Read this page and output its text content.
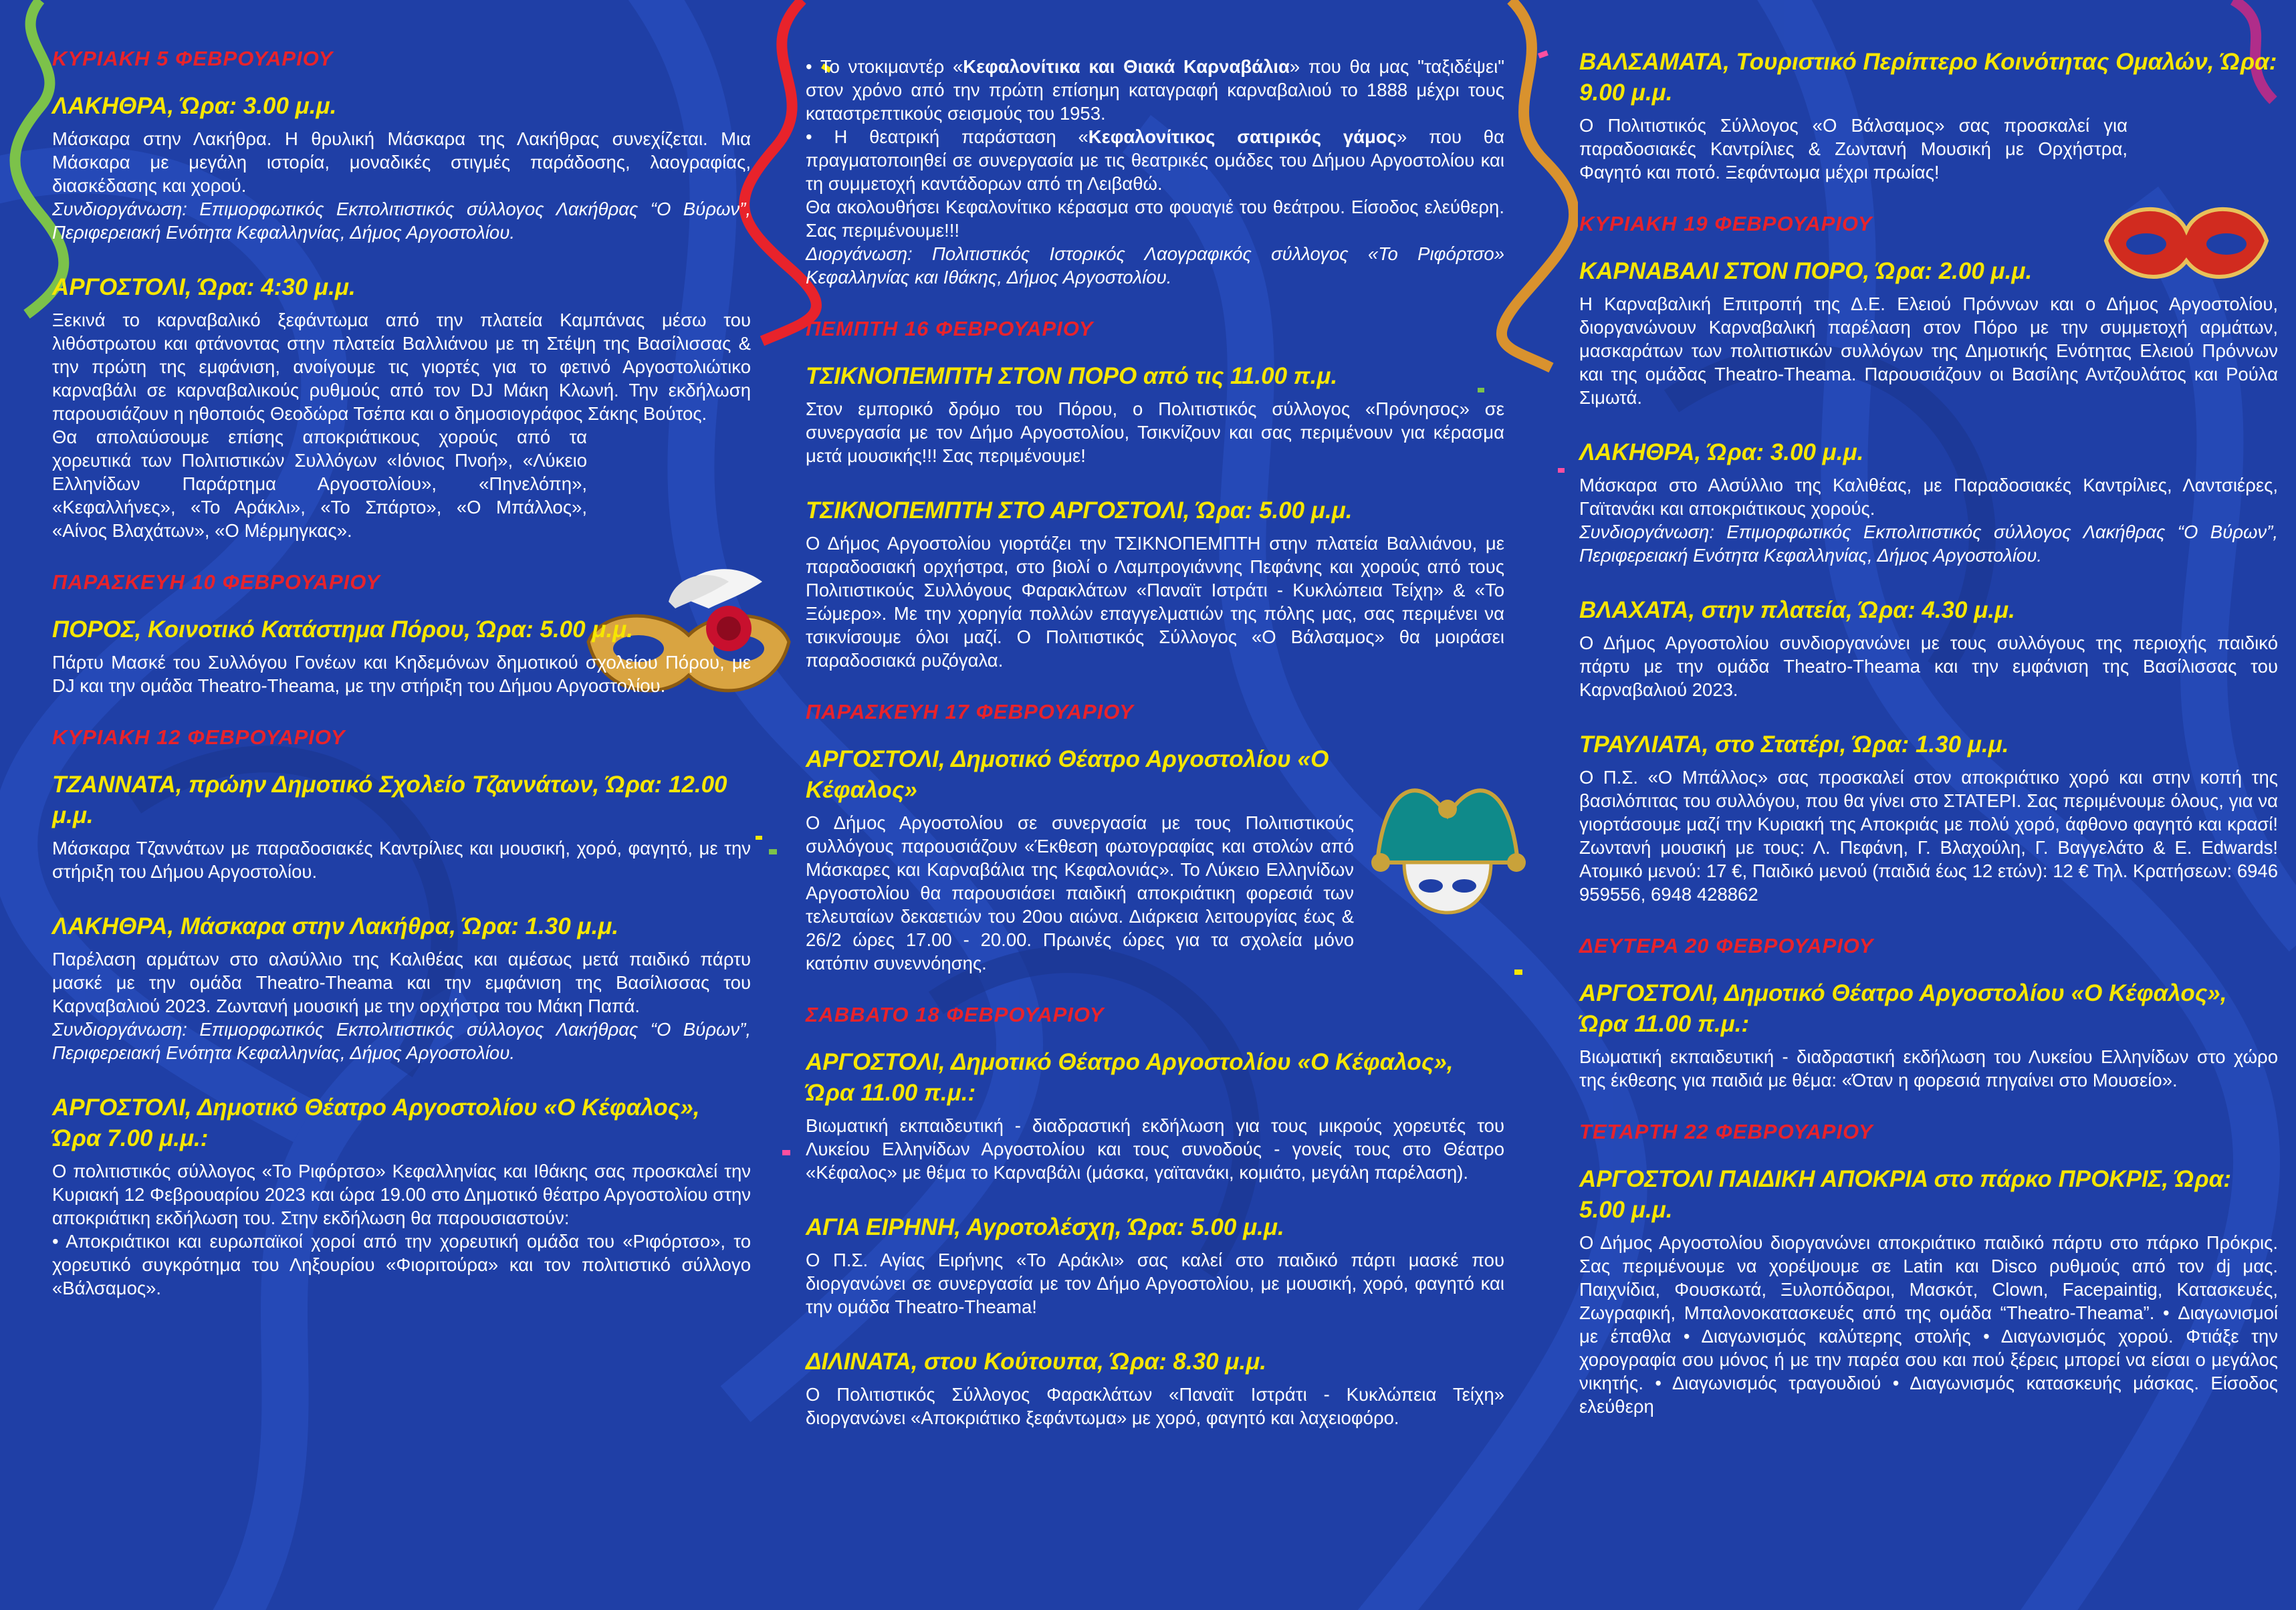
ΚΥΡΙΑΚΗ 5 ΦΕΒΡΟΥΑΡΙΟΥ
ΛΑΚΗΘΡΑ, Ώρα: 3.00 μ.μ.

Μάσκαρα στην Λακήθρα. Η θρυλική Μάσκαρα της Λακήθρας συνεχίζεται. Μια Μάσκαρα με μεγάλη ιστορία, μοναδικές στιγμές παράδοσης, λαογραφίας, διασκέδασης και χορού.

Συνδιοργάνωση: Επιμορφωτικός Εκπολιτιστικός σύλλογος Λακήθρας “Ο Βύρων”, Περιφερειακή Ενότητα Κεφαλληνίας, Δήμος Αργοστολίου.

ΑΡΓΟΣΤΟΛΙ, Ώρα: 4:30 μ.μ.

Ξεκινά το καρναβαλικό ξεφάντωμα από την πλατεία Καμπάνας μέσω του λιθόστρωτου και φτάνοντας στην πλατεία Βαλλιάνου με τη Στέψη της Βασίλισσας & την πρώτη της εμφάνιση, ανοίγουμε τις γιορτές για το φετινό Αργοστολιώτικο καρναβάλι σε καρναβαλικούς ρυθμούς από τον DJ Μάκη Κλωνή. Την εκδήλωση παρουσιάζουν η ηθοποιός Θεοδώρα Τσέπα και ο δημοσιογράφος Σάκης Βούτος.

Θα απολαύσουμε επίσης αποκριάτικους χορούς από τα χορευτικά των Πολιτιστικών Συλλόγων «Ιόνιος Πνοή», «Λύκειο Ελληνίδων Παράρτημα Αργοστολίου», «Πηνελόπη», «Κεφαλλήνες», «Το Αράκλι», «Το Σπάρτο», «Ο Μπάλλος», «Αίνος Βλαχάτων», «Ο Μέρμηγκας».

ΠΑΡΑΣΚΕΥΗ 10 ΦΕΒΡΟΥΑΡΙΟΥ
ΠΟΡΟΣ, Κοινοτικό Κατάστημα Πόρου, Ώρα: 5.00 μ.μ.

Πάρτυ Μασκέ του Συλλόγου Γονέων και Κηδεμόνων δημοτικού σχολείου Πόρου, με DJ και την ομάδα Theatro-Theama, με την στήριξη του Δήμου Αργοστολίου.

ΚΥΡΙΑΚΗ 12 ΦΕΒΡΟΥΑΡΙΟΥ
ΤΖΑΝΝΑΤΑ, πρώην Δημοτικό Σχολείο Τζαννάτων, Ώρα: 12.00 μ.μ.

Μάσκαρα Τζαννάτων με παραδοσιακές Καντρίλιες και μουσική, χορό, φαγητό, με την στήριξη του Δήμου Αργοστολίου.

ΛΑΚΗΘΡΑ, Μάσκαρα στην Λακήθρα, Ώρα: 1.30 μ.μ.

Παρέλαση αρμάτων στο αλσύλλιο της Καλιθέας και αμέσως μετά παιδικό πάρτυ μασκέ με την ομάδα Theatro-Theama και την εμφάνιση της Βασίλισσας του Καρναβαλιού 2023. Ζωντανή μουσική με την ορχήστρα του Μάκη Παπά.

Συνδιοργάνωση: Επιμορφωτικός Εκπολιτιστικός σύλλογος Λακήθρας “Ο Βύρων”, Περιφερειακή Ενότητα Κεφαλληνίας, Δήμος Αργοστολίου.

ΑΡΓΟΣΤΟΛΙ, Δημοτικό Θέατρο Αργοστολίου «Ο Κέφαλος», Ώρα 7.00 μ.μ.:

Ο πολιτιστικός σύλλογος «Το Ριφόρτσο» Κεφαλληνίας και Ιθάκης σας προσκαλεί την Κυριακή 12 Φεβρουαρίου 2023 και ώρα 19.00 στο Δημοτικό θέατρο Αργοστολίου στην αποκριάτικη εκδήλωση του. Στην εκδήλωση θα παρουσιαστούν:

• Αποκριάτικοι και ευρωπαϊκοί χοροί από την χορευτική ομάδα του «Ριφόρτσο», το χορευτικό συγκρότημα του Ληξουρίου «Φιοριτούρα» και τον πολιτιστικό σύλλογο «Βάλσαμος».

• Το ντοκιμαντέρ «Κεφαλονίτικα και Θιακά Καρναβάλια» που θα μας "ταξιδέψει" στον χρόνο από την πρώτη επίσημη καταγραφή καρναβαλιού το 1888 μέχρι τους καταστρεπτικούς σεισμούς του 1953.

• Η θεατρική παράσταση «Κεφαλονίτικος σατιρικός γάμος» που θα πραγματοποιηθεί σε συνεργασία με τις θεατρικές ομάδες του Δήμου Αργοστολίου και τη συμμετοχή καντάδορων από τη Λειβαθώ.

Θα ακολουθήσει Κεφαλονίτικο κέρασμα στο φουαγιέ του θεάτρου. Είσοδος ελεύθερη. Σας περιμένουμε!!!

Διοργάνωση: Πολιτιστικός Ιστορικός Λαογραφικός σύλλογος «Το Ριφόρτσο» Κεφαλληνίας και Ιθάκης, Δήμος Αργοστολίου.

ΠΕΜΠΤΗ 16 ΦΕΒΡΟΥΑΡΙΟΥ
ΤΣΙΚΝΟΠΕΜΠΤΗ ΣΤΟΝ ΠΟΡΟ από τις 11.00 π.μ.

Στον εμπορικό δρόμο του Πόρου, ο Πολιτιστικός σύλλογος «Πρόνησος» σε συνεργασία με τον Δήμο Αργοστολίου, Τσικνίζουν και σας περιμένουν για κέρασμα μετά μουσικής!!! Σας περιμένουμε!

ΤΣΙΚΝΟΠΕΜΠΤΗ ΣΤΟ ΑΡΓΟΣΤΟΛΙ, Ώρα: 5.00 μ.μ.

Ο Δήμος Αργοστολίου γιορτάζει την ΤΣΙΚΝΟΠΕΜΠΤΗ στην πλατεία Βαλλιάνου, με παραδοσιακή ορχήστρα, στο βιολί ο Λαμπρογιάννης Πεφάνης και χορούς από τους Πολιτιστικούς Συλλόγους Φαρακλάτων «Παναϊτ Ιστράτι - Κυκλώπεια Τείχη» & «Το Ξώμερο». Με την χορηγία πολλών επαγγελματιών της πόλης μας, σας περιμένει να τσικνίσουμε όλοι μαζί. Ο Πολιτιστικός Σύλλογος «Ο Βάλσαμος» θα μοιράσει παραδοσιακά ρυζόγαλα.

ΠΑΡΑΣΚΕΥΗ 17 ΦΕΒΡΟΥΑΡΙΟΥ
ΑΡΓΟΣΤΟΛΙ, Δημοτικό Θέατρο Αργοστολίου «Ο Κέφαλος»

Ο Δήμος Αργοστολίου σε συνεργασία με τους Πολιτιστικούς συλλόγους παρουσιάζουν «Έκθεση φωτογραφίας και στολών από Μάσκαρες και Καρναβάλια της Κεφαλονιάς». Το Λύκειο Ελληνίδων Αργοστολίου θα παρουσιάσει παιδική αποκριάτικη φορεσιά των τελευταίων δεκαετιών του 20ου αιώνα. Διάρκεια λειτουργίας έως & 26/2 ώρες 17.00 - 20.00. Πρωινές ώρες για τα σχολεία μόνο κατόπιν συνεννόησης.

ΣΑΒΒΑΤΟ 18 ΦΕΒΡΟΥΑΡΙΟΥ
ΑΡΓΟΣΤΟΛΙ, Δημοτικό Θέατρο Αργοστολίου «Ο Κέφαλος», Ώρα 11.00 π.μ.:

Βιωματική εκπαιδευτική - διαδραστική εκδήλωση για τους μικρούς χορευτές του Λυκείου Ελληνίδων Αργοστολίου και τους συνοδούς - γονείς τους στο Θέατρο «Κέφαλος» με θέμα το Καρναβάλι (μάσκα, γαϊτανάκι, κομιάτο, μεγάλη παρέλαση).

ΑΓΙΑ ΕΙΡΗΝΗ, Αγροτολέσχη, Ώρα: 5.00 μ.μ.

Ο Π.Σ. Αγίας Ειρήνης «Το Αράκλι» σας καλεί στο παιδικό πάρτι μασκέ που διοργανώνει σε συνεργασία με τον Δήμο Αργοστολίου, με μουσική, χορό, φαγητό και την ομάδα Theatro-Theama!

ΔΙΛΙΝΑΤΑ, στου Κούτουπα, Ώρα: 8.30 μ.μ.

Ο Πολιτιστικός Σύλλογος Φαρακλάτων «Παναϊτ Ιστράτι - Κυκλώπεια Τείχη» διοργανώνει «Αποκριάτικο ξεφάντωμα» με χορό, φαγητό και λαχειοφόρο.

ΒΑΛΣΑΜΑΤΑ, Τουριστικό Περίπτερο Κοινότητας Ομαλών, Ώρα: 9.00 μ.μ.

Ο Πολιτιστικός Σύλλογος «Ο Βάλσαμος» σας προσκαλεί για παραδοσιακές Καντρίλιες & Ζωντανή Μουσική με Ορχήστρα, Φαγητό και ποτό. Ξεφάντωμα μέχρι πρωίας!

ΚΥΡΙΑΚΗ 19 ΦΕΒΡΟΥΑΡΙΟΥ
ΚΑΡΝΑΒΑΛΙ ΣΤΟΝ ΠΟΡΟ, Ώρα: 2.00 μ.μ.

Η Καρναβαλική Επιτροπή της Δ.Ε. Ελειού Πρόννων και ο Δήμος Αργοστολίου, διοργανώνουν Καρναβαλική παρέλαση στον Πόρο με την συμμετοχή αρμάτων, μασκαράτων των πολιτιστικών συλλόγων της Δημοτικής Ενότητας Ελειού Πρόννων και της ομάδας Theatro-Theama. Παρουσιάζουν οι Βασίλης Αντζουλάτος και Ρούλα Σιμωτά.

ΛΑΚΗΘΡΑ, Ώρα: 3.00 μ.μ.

Μάσκαρα στο Αλσύλλιο της Καλιθέας, με Παραδοσιακές Καντρίλιες, Λαντσιέρες, Γαϊτανάκι και αποκριάτικους χορούς.

Συνδιοργάνωση: Επιμορφωτικός Εκπολιτιστικός σύλλογος Λακήθρας “Ο Βύρων”, Περιφερειακή Ενότητα Κεφαλληνίας, Δήμος Αργοστολίου.

ΒΛΑΧΑΤΑ, στην πλατεία, Ώρα: 4.30 μ.μ.

Ο Δήμος Αργοστολίου συνδιοργανώνει με τους συλλόγους της περιοχής παιδικό πάρτυ με την ομάδα Theatro-Theama και την εμφάνιση της Βασίλισσας του Καρναβαλιού 2023.

ΤΡΑΥΛΙΑΤΑ, στο Στατέρι, Ώρα: 1.30 μ.μ.

Ο Π.Σ. «Ο Μπάλλος» σας προσκαλεί στον αποκριάτικο χορό και στην κοπή της βασιλόπιτας του συλλόγου, που θα γίνει στο ΣΤΑΤΕΡΙ. Σας περιμένουμε όλους, για να γιορτάσουμε μαζί την Κυριακή της Αποκριάς με πολύ χορό, άφθονο φαγητό και κρασί! Ζωντανή μουσική με τους: Λ. Πεφάνη, Γ. Βλαχούλη, Γ. Βαγγελάτο & E. Edwards! Ατομικό μενού: 17 €, Παιδικό μενού (παιδιά έως 12 ετών): 12 € Τηλ. Κρατήσεων: 6946 959556, 6948 428862

ΔΕΥΤΕΡΑ 20 ΦΕΒΡΟΥΑΡΙΟΥ
ΑΡΓΟΣΤΟΛΙ, Δημοτικό Θέατρο Αργοστολίου «Ο Κέφαλος», Ώρα 11.00 π.μ.:

Βιωματική εκπαιδευτική - διαδραστική εκδήλωση του Λυκείου Ελληνίδων στο χώρο της έκθεσης για παιδιά με θέμα: «Όταν η φορεσιά πηγαίνει στο Μουσείο».

ΤΕΤΑΡΤΗ 22 ΦΕΒΡΟΥΑΡΙΟΥ
ΑΡΓΟΣΤΟΛΙ ΠΑΙΔΙΚΗ ΑΠΟΚΡΙΑ στο πάρκο ΠΡΟΚΡΙΣ, Ώρα: 5.00 μ.μ.

Ο Δήμος Αργοστολίου διοργανώνει αποκριάτικο παιδικό πάρτυ στο πάρκο Πρόκρις. Σας περιμένουμε να χορέψουμε σε Latin και Disco ρυθμούς από τον dj μας. Παιχνίδια, Φουσκωτά, Ξυλοπόδαροι, Μασκότ, Clown, Facepaintig, Κατασκευές, Ζωγραφική, Μπαλονοκατασκευές από της ομάδα “Theatro-Theama”. • Διαγωνισμοί με έπαθλα • Διαγωνισμός καλύτερης στολής • Διαγωνισμός χορού. Φτιάξε την χορογραφία σου μόνος ή με την παρέα σου και πού ξέρεις μπορεί να είσαι ο μεγάλος νικητής. • Διαγωνισμός τραγουδιού • Διαγωνισμός κατασκευής μάσκας. Είσοδος ελεύθερη
